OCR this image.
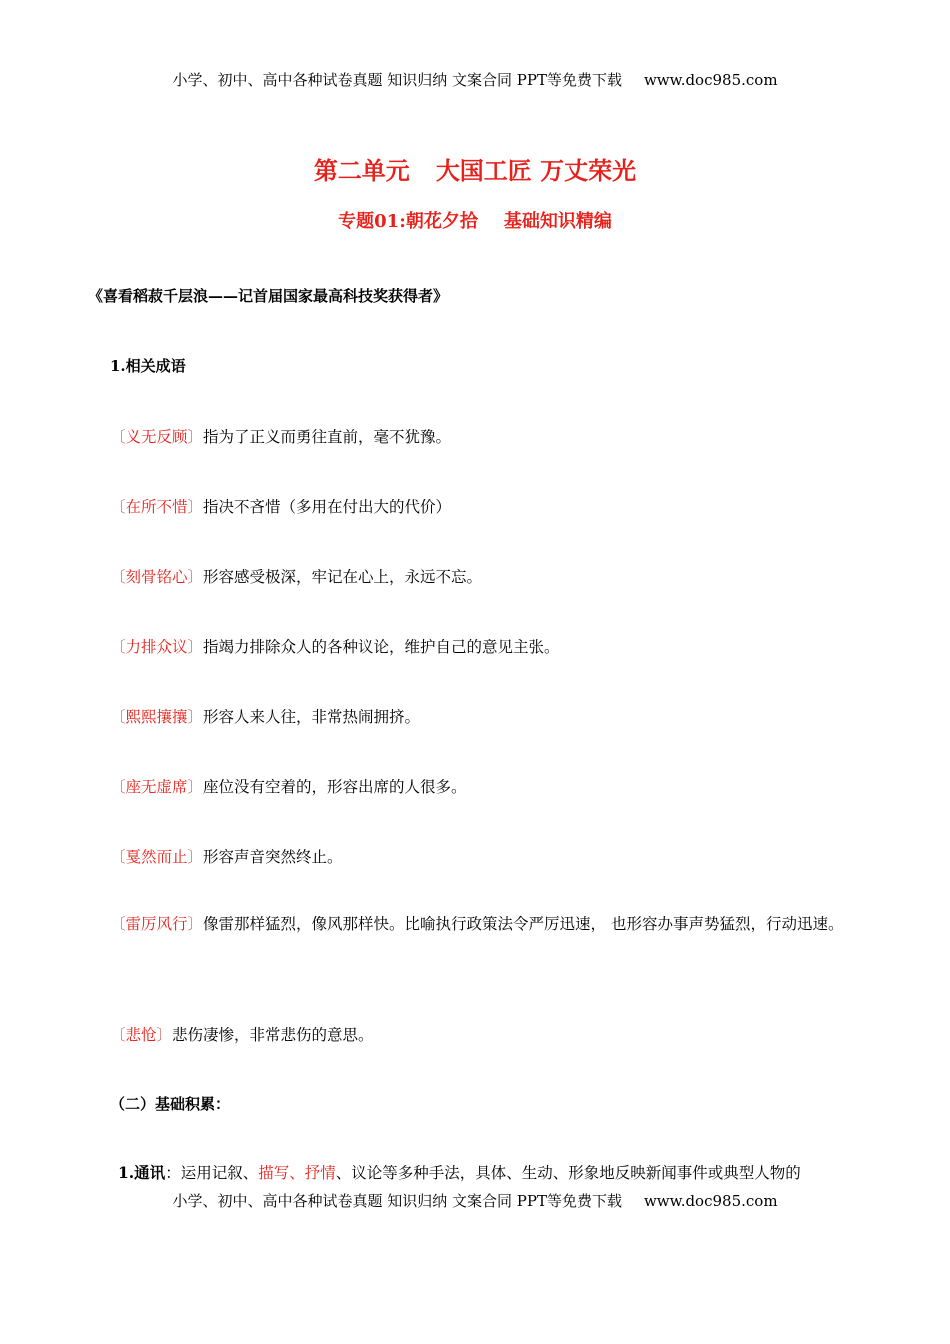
小学、初中、高中各种试卷真题 知识归纳 文案合同 PPT等免费下载 www.doc985.com
第二单元 大国工匠 万丈荣光
专题01:朝花夕拾 基础知识精编
《喜看稻菽千层浪——记首届国家最高科技奖获得者》
1.相关成语
〔义无反顾〕指为了正义而勇往直前，毫不犹豫。
〔在所不惜〕指决不吝惜（多用在付出大的代价）
〔刻骨铭心〕形容感受极深，牢记在心上，永远不忘。
〔力排众议〕指竭力排除众人的各种议论，维护自己的意见主张。
〔熙熙攘攘〕形容人来人往，非常热闹拥挤。
〔座无虚席〕座位没有空着的，形容出席的人很多。
〔戛然而止〕形容声音突然终止。
〔雷厉风行〕像雷那样猛烈，像风那样快。比喻执行政策法令严厉迅速， 也形容办事声势猛烈，行动迅速。
〔悲怆〕悲伤凄惨，非常悲伤的意思。
（二）基础积累：
1.通讯：运用记叙、描写、抒情、议论等多种手法，具体、生动、形象地反映新闻事件或典型人物的
小学、初中、高中各种试卷真题 知识归纳 文案合同 PPT等免费下载 www.doc985.com
